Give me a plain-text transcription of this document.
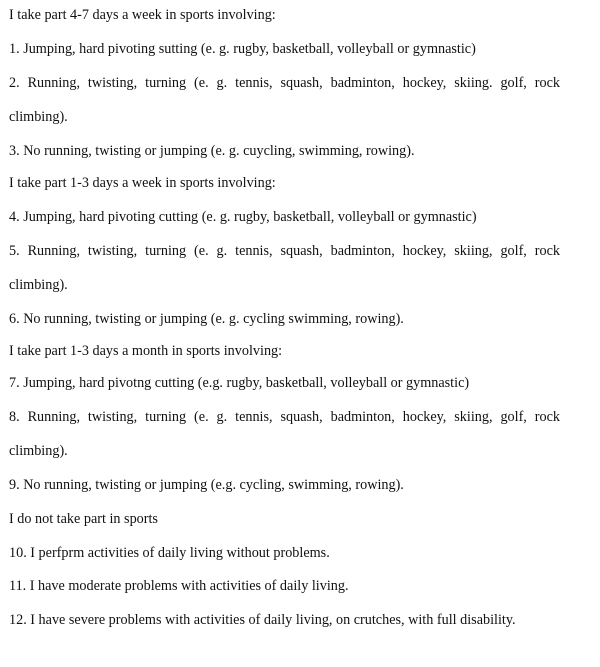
I take part 4-7 days a week in sports involving:
1. Jumping, hard pivoting sutting (e. g. rugby, basketball, volleyball or gymnastic)
2. Running, twisting, turning (e. g. tennis, squash, badminton, hockey, skiing. golf, rock
climbing).
3. No running, twisting or jumping (e. g. cuycling, swimming, rowing).
I take part 1-3 days a week in sports involving:
4. Jumping, hard pivoting cutting (e. g. rugby, basketball, volleyball or gymnastic)
5. Running, twisting, turning (e. g. tennis, squash, badminton, hockey, skiing, golf, rock
climbing).
6. No running, twisting or jumping (e. g. cycling swimming, rowing).
I take part 1-3 days a month in sports involving:
7. Jumping, hard pivotng cutting (e.g. rugby, basketball, volleyball or gymnastic)
8. Running, twisting, turning (e. g. tennis, squash, badminton, hockey, skiing, golf, rock
climbing).
9. No running, twisting or jumping (e.g. cycling, swimming, rowing).
I do not take part in sports
10. I perfprm activities of daily living without problems.
11. I have moderate problems with activities of daily living.
12. I have severe problems with activities of daily living, on crutches, with full disability.
